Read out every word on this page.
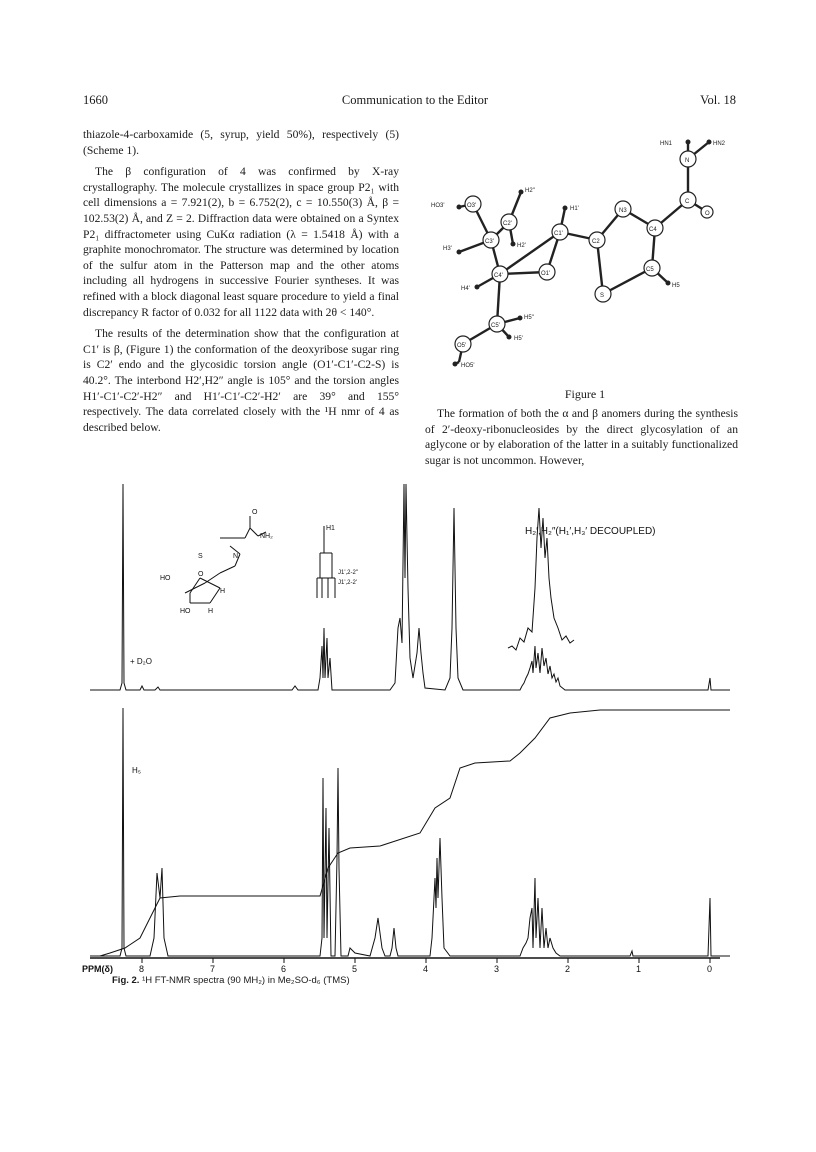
1660	Communication to the Editor	Vol. 18

thiazole-4-carboxamide (5, syrup, yield 50%), respectively (5) (Scheme 1).

The β configuration of 4 was confirmed by X-ray crystallography. The molecule crystallizes in space group P2₁ with cell dimensions a = 7.921(2), b = 6.752(2), c = 10.550(3) Å, β = 102.53(2) Å, and Z = 2. Diffraction data were obtained on a Syntex P2₁ diffractometer using CuKα radiation (λ = 1.5418 Å) with a graphite monochromator. The structure was determined by location of the sulfur atom in the Patterson map and the other atoms including all hydrogens in successive Fourier syntheses. It was refined with a block diagonal least square procedure to yield a final discrepancy R factor of 0.032 for all 1122 data with 2θ < 140°.

The results of the determination show that the configuration at C1′ is β, (Figure 1) the conformation of the deoxyribose sugar ring is C2′ endo and the glycosidic torsion angle (O1′-C1′-C2-S) is 40.2°. The interbond H2′,H2″ angle is 105° and the torsion angles H1′-C1′-C2′-H2″ and H1′-C1′-C2′-H2′ are 39° and 155° respectively. The data correlated closely with the ¹H nmr of 4 as described below.

HN1	HN2
N
C
O
C4
N3
C5
H5
S
C2
C1'
H1'
O1'
C2'
H2''
H2'
C3'
H3'
O3'
HO3'
C4'
H4'
C5'
H5''
H5'
O5'
HO5'
Figure 1

The formation of both the α and β anomers during the synthesis of 2′-deoxy-ribonucleosides by the direct glycosylation of an aglycone or by elaboration of the latter in a suitably functionalized sugar is not uncommon. However,

H₂′,H₂″(H₁′,H₃′ DECOUPLED)
+ D₂O
H1
J1',2-2''
J1',2-2'
O
NH₂
S	N
HO
O
H
HO	H
H₅
8	7	6	5	4	3	2	1	0
PPM(δ)
Fig. 2. ¹H FT-NMR spectra (90 MH₂) in Me₂SO-d₆ (TMS)
